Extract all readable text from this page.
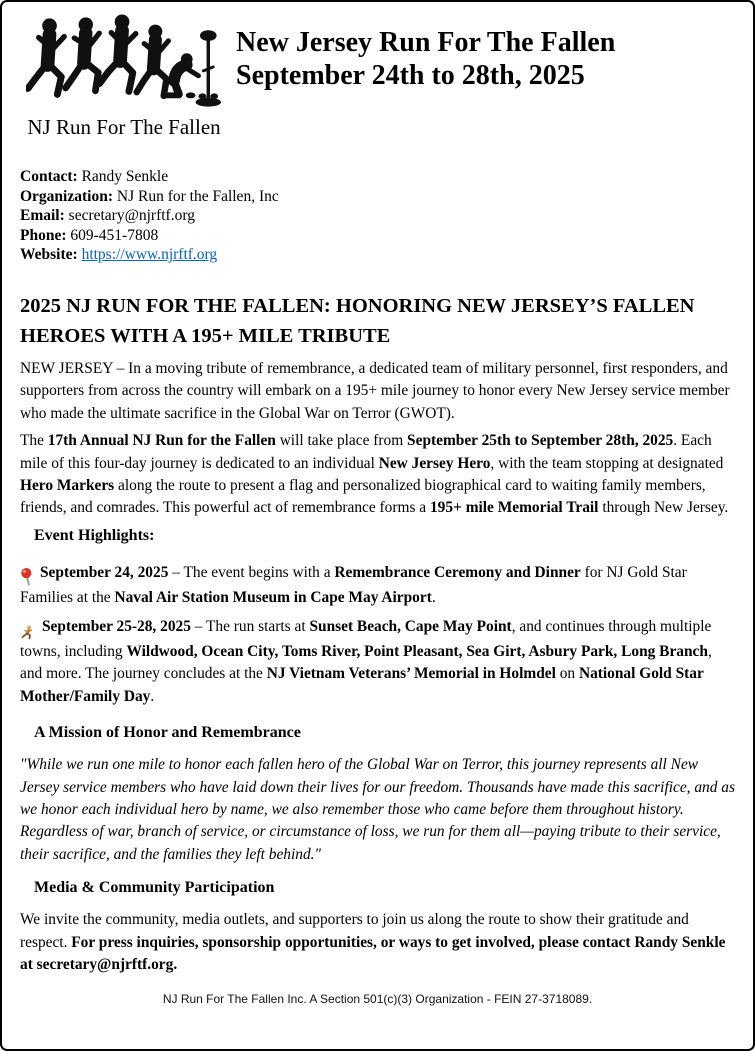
NJ Run For The Fallen
New Jersey Run For The Fallen
September 24th to 28th, 2025
Contact: Randy Senkle
Organization: NJ Run for the Fallen, Inc
Email: secretary@njrftf.org
Phone: 609-451-7808
Website: https://www.njrftf.org
2025 NJ RUN FOR THE FALLEN: HONORING NEW JERSEY’S FALLEN HEROES WITH A 195+ MILE TRIBUTE

NEW JERSEY – In a moving tribute of remembrance, a dedicated team of military personnel, first responders, and supporters from across the country will embark on a 195+ mile journey to honor every New Jersey service member who made the ultimate sacrifice in the Global War on Terror (GWOT).

The 17th Annual NJ Run for the Fallen will take place from September 25th to September 28th, 2025. Each mile of this four-day journey is dedicated to an individual New Jersey Hero, with the team stopping at designated Hero Markers along the route to present a flag and personalized biographical card to waiting family members, friends, and comrades. This powerful act of remembrance forms a 195+ mile Memorial Trail through New Jersey.

Event Highlights:

September 24, 2025 – The event begins with a Remembrance Ceremony and Dinner for NJ Gold Star Families at the Naval Air Station Museum in Cape May Airport.

September 25-28, 2025 – The run starts at Sunset Beach, Cape May Point, and continues through multiple towns, including Wildwood, Ocean City, Toms River, Point Pleasant, Sea Girt, Asbury Park, Long Branch, and more. The journey concludes at the NJ Vietnam Veterans’ Memorial in Holmdel on National Gold Star Mother/Family Day.

A Mission of Honor and Remembrance

"While we run one mile to honor each fallen hero of the Global War on Terror, this journey represents all New Jersey service members who have laid down their lives for our freedom. Thousands have made this sacrifice, and as we honor each individual hero by name, we also remember those who came before them throughout history. Regardless of war, branch of service, or circumstance of loss, we run for them all—paying tribute to their service, their sacrifice, and the families they left behind."

Media & Community Participation

We invite the community, media outlets, and supporters to join us along the route to show their gratitude and respect. For press inquiries, sponsorship opportunities, or ways to get involved, please contact Randy Senkle at secretary@njrftf.org.

NJ Run For The Fallen Inc. A Section 501(c)(3) Organization - FEIN 27-3718089.
